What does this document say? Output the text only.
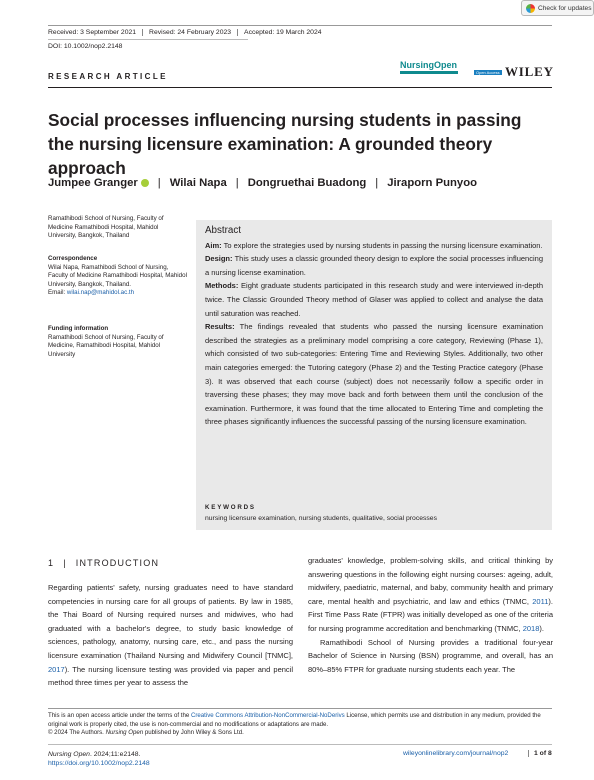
Check for updates
Received: 3 September 2021	Revised: 24 February 2023	Accepted: 19 March 2024
DOI: 10.1002/nop2.2148
RESEARCH ARTICLE
NursingOpen
Open Access WILEY
Social processes influencing nursing students in passing the nursing licensure examination: A grounded theory approach
Jumpee Granger | Wilai Napa | Dongruethai Buadong | Jiraporn Punyoo
Ramathibodi School of Nursing, Faculty of Medicine Ramathibodi Hospital, Mahidol University, Bangkok, Thailand
Correspondence
Wilai Napa, Ramathibodi School of Nursing, Faculty of Medicine Ramathibodi Hospital, Mahidol University, Bangkok, Thailand.
Email: wilai.nap@mahidol.ac.th
Funding information
Ramathibodi School of Nursing, Faculty of Medicine, Ramathibodi Hospital, Mahidol University
Abstract

Aim: To explore the strategies used by nursing students in passing the nursing licensure examination.

Design: This study uses a classic grounded theory design to explore the social processes influencing a nursing license examination.

Methods: Eight graduate students participated in this research study and were interviewed in-depth twice. The Classic Grounded Theory method of Glaser was applied to collect and analyse the data until saturation was reached.

Results: The findings revealed that students who passed the nursing licensure examination described the strategies as a preliminary model comprising a core category, Reviewing (Phase 1), which consisted of two sub-categories: Entering Time and Reviewing Styles. Additionally, two other main categories emerged: the Tutoring category (Phase 2) and the Testing Practice category (Phase 3). It was observed that each course (subject) does not necessarily follow a specific order in traversing these phases; they may move back and forth between them until the conclusion of the examination. Furthermore, it was found that the time allocated to Entering Time and completing the three phases significantly influences the successful passing of the nursing licensure examination.

KEYWORDS
nursing licensure examination, nursing students, qualitative, social processes
1 | INTRODUCTION
Regarding patients' safety, nursing graduates need to have standard competencies in nursing care for all groups of patients. By law in 1985, the Thai Board of Nursing required nurses and midwives, who had graduated with a bachelor's degree, to study basic knowledge of sciences, pathology, anatomy, nursing care, etc., and pass the nursing licensure examination (Thailand Nursing and Midwifery Council [TNMC], 2017). The nursing licensure testing was provided via paper and pencil method three times per year to assess the

graduates' knowledge, problem-solving skills, and critical thinking by answering questions in the following eight nursing courses: ageing, adult, midwifery, paediatric, maternal, and baby, community health and primary care, mental health and psychiatric, and law and ethics (TNMC, 2011). First Time Pass Rate (FTPR) was initially developed as one of the criteria for nursing programme accreditation and benchmarking (TNMC, 2018).

Ramathibodi School of Nursing provides a traditional four-year Bachelor of Science in Nursing (BSN) programme, and overall, has an 80%–85% FTPR for graduate nursing students each year. The

This is an open access article under the terms of the Creative Commons Attribution-NonCommercial-NoDerivs License, which permits use and distribution in any medium, provided the original work is properly cited, the use is non-commercial and no modifications or adaptations are made.
© 2024 The Authors. Nursing Open published by John Wiley & Sons Ltd.
Nursing Open. 2024;11:e2148.
https://doi.org/10.1002/nop2.2148
wileyonlinelibrary.com/journal/nop2	1 of 8
